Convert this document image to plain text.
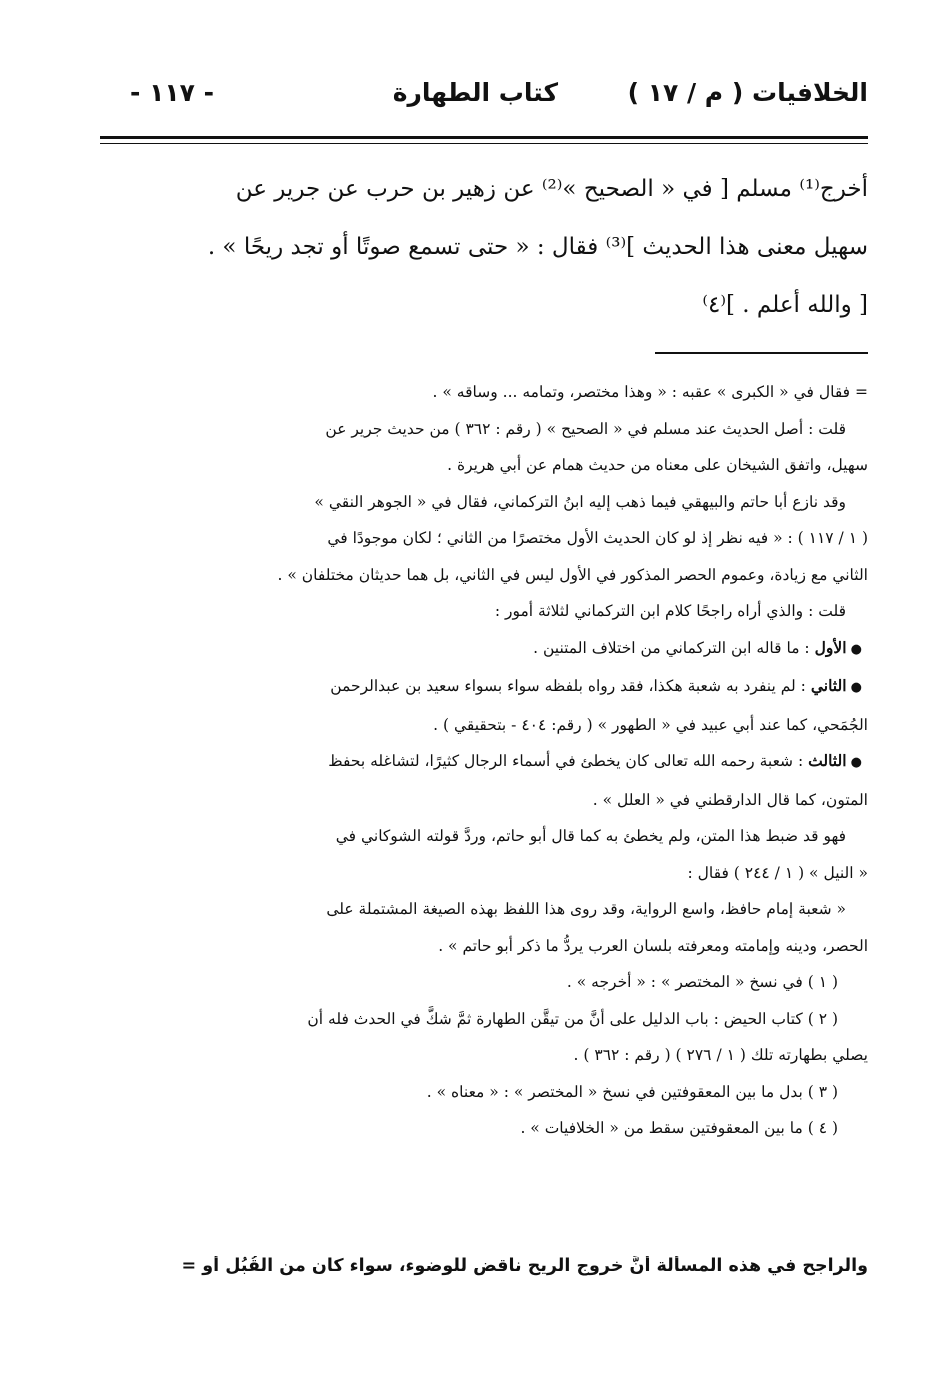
الخلافيات ( م / ١٧ )
كتاب الطهارة
- ١١٧ -

أخرج⁽¹⁾ مسلم [ في « الصحيح »⁽²⁾ عن زهير بن حرب عن جرير عن

سهيل معنى هذا الحديث ]⁽³⁾ فقال : « حتى تسمع صوتًا أو تجد ريحًا » .

[ والله أعلم . ]⁽٤⁾

= فقال في « الكبرى » عقبه : « وهذا مختصر، وتمامه ... وساقه » .

قلت : أصل الحديث عند مسلم في « الصحيح » ( رقم : ٣٦٢ ) من حديث جرير عن

سهيل، واتفق الشيخان على معناه من حديث همام عن أبي هريرة .

وقد نازع أبا حاتم والبيهقي فيما ذهب إليه ابنُ التركماني، فقال في « الجوهر النقي »

( ١ / ١١٧ ) : « فيه نظر إذ لو كان الحديث الأول مختصرًا من الثاني ؛ لكان موجودًا في

الثاني مع زيادة، وعموم الحصر المذكور في الأول ليس في الثاني، بل هما حديثان مختلفان » .

قلت : والذي أراه راجحًا كلام ابن التركماني لثلاثة أمور :

● الأول : ما قاله ابن التركماني من اختلاف المتنين .

● الثاني : لم ينفرد به شعبة هكذا، فقد رواه بلفظه سواء بسواء سعيد بن عبدالرحمن

الجُمَحي، كما عند أبي عبيد في « الطهور » ( رقم: ٤٠٤ - بتحقيقي ) .

● الثالث : شعبة رحمه الله تعالى كان يخطئ في أسماء الرجال كثيرًا، لتشاغله بحفظ

المتون، كما قال الدارقطني في « العلل » .

فهو قد ضبط هذا المتن، ولم يخطئ به كما قال أبو حاتم، وردَّ قولته الشوكاني في

« النيل » ( ١ / ٢٤٤ ) فقال :

« شعبة إمام حافظ، واسع الرواية، وقد روى هذا اللفظ بهذه الصيغة المشتملة على

الحصر، ودينه وإمامته ومعرفته بلسان العرب يردُّ ما ذكر أبو حاتم » .

( ١ ) في نسخ « المختصر » : « أخرجه » .

( ٢ ) كتاب الحيض : باب الدليل على أنَّ من تيقَّن الطهارة ثمَّ شكَّ في الحدث فله أن

يصلي بطهارته تلك ( ١ / ٢٧٦ ) ( رقم : ٣٦٢ ) .

( ٣ ) بدل ما بين المعقوفتين في نسخ « المختصر » : « معناه » .

( ٤ ) ما بين المعقوفتين سقط من « الخلافيات » .

والراجح في هذه المسألة أنَّ خروج الريح ناقض للوضوء، سواء كان من القُبُل أو =
